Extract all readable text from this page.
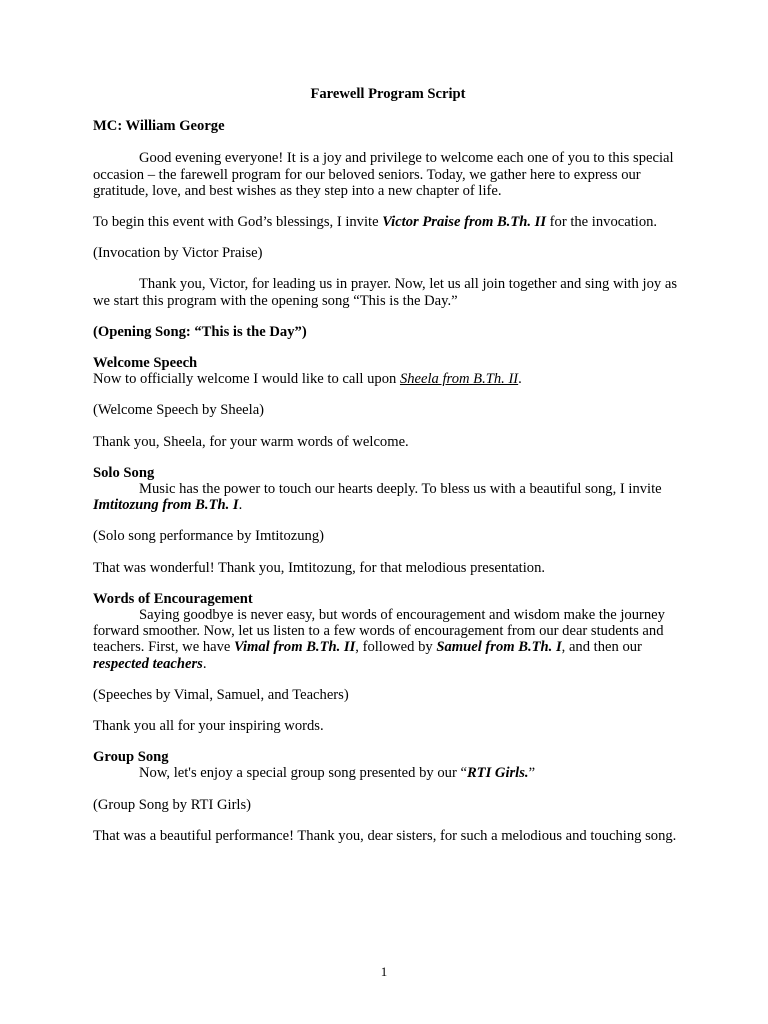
Farewell Program Script
MC: William George

Good evening everyone! It is a joy and privilege to welcome each one of you to this special occasion – the farewell program for our beloved seniors. Today, we gather here to express our gratitude, love, and best wishes as they step into a new chapter of life.

To begin this event with God’s blessings, I invite Victor Praise from B.Th. II for the invocation.

(Invocation by Victor Praise)

Thank you, Victor, for leading us in prayer. Now, let us all join together and sing with joy as we start this program with the opening song “This is the Day.”

(Opening Song: “This is the Day”)

Welcome Speech
Now to officially welcome I would like to call upon Sheela from B.Th. II.

(Welcome Speech by Sheela)

Thank you, Sheela, for your warm words of welcome.

Solo Song
Music has the power to touch our hearts deeply. To bless us with a beautiful song, I invite Imtitozung from B.Th. I.

(Solo song performance by Imtitozung)

That was wonderful! Thank you, Imtitozung, for that melodious presentation.

Words of Encouragement
Saying goodbye is never easy, but words of encouragement and wisdom make the journey forward smoother. Now, let us listen to a few words of encouragement from our dear students and teachers. First, we have Vimal from B.Th. II, followed by Samuel from B.Th. I, and then our respected teachers.

(Speeches by Vimal, Samuel, and Teachers)

Thank you all for your inspiring words.

Group Song
Now, let's enjoy a special group song presented by our “RTI Girls.”

(Group Song by RTI Girls)

That was a beautiful performance! Thank you, dear sisters, for such a melodious and touching song.

1
